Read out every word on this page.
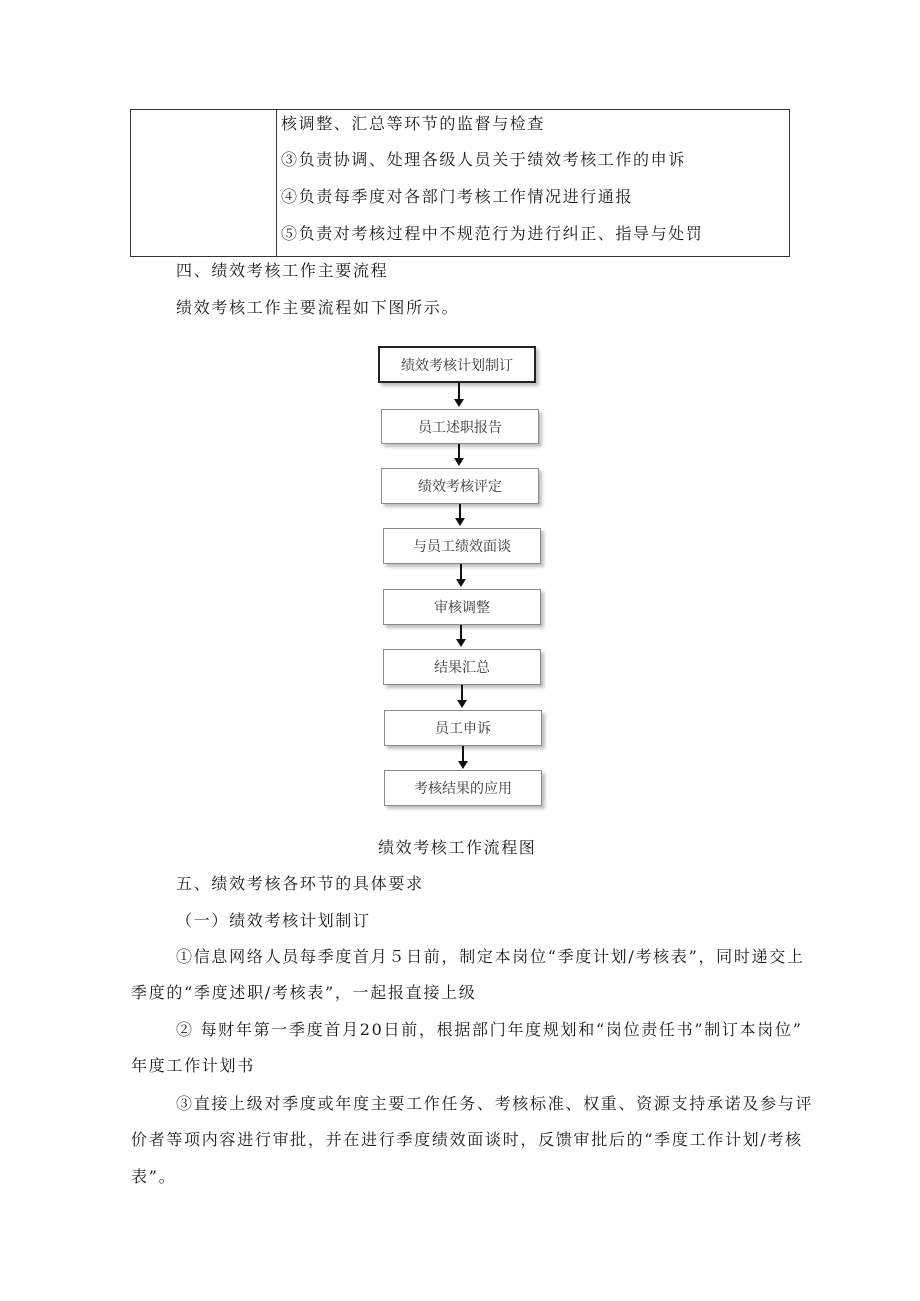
核调整、汇总等环节的监督与检查
③负责协调、处理各级人员关于绩效考核工作的申诉
④负责每季度对各部门考核工作情况进行通报
⑤负责对考核过程中不规范行为进行纠正、指导与处罚
四、绩效考核工作主要流程
绩效考核工作主要流程如下图所示。
绩效考核计划制订
员工述职报告
绩效考核评定
与员工绩效面谈
审核调整
结果汇总
员工申诉
考核结果的应用
绩效考核工作流程图
五、绩效考核各环节的具体要求
（一）绩效考核计划制订
①信息网络人员每季度首月５日前，制定本岗位“季度计划/考核表”，同时递交上
季度的“季度述职/考核表”，一起报直接上级
② 每财年第一季度首月20日前，根据部门年度规划和“岗位责任书”制订本岗位”
年度工作计划书
③直接上级对季度或年度主要工作任务、考核标准、权重、资源支持承诺及参与评
价者等项内容进行审批，并在进行季度绩效面谈时，反馈审批后的“季度工作计划/考核
表”。
